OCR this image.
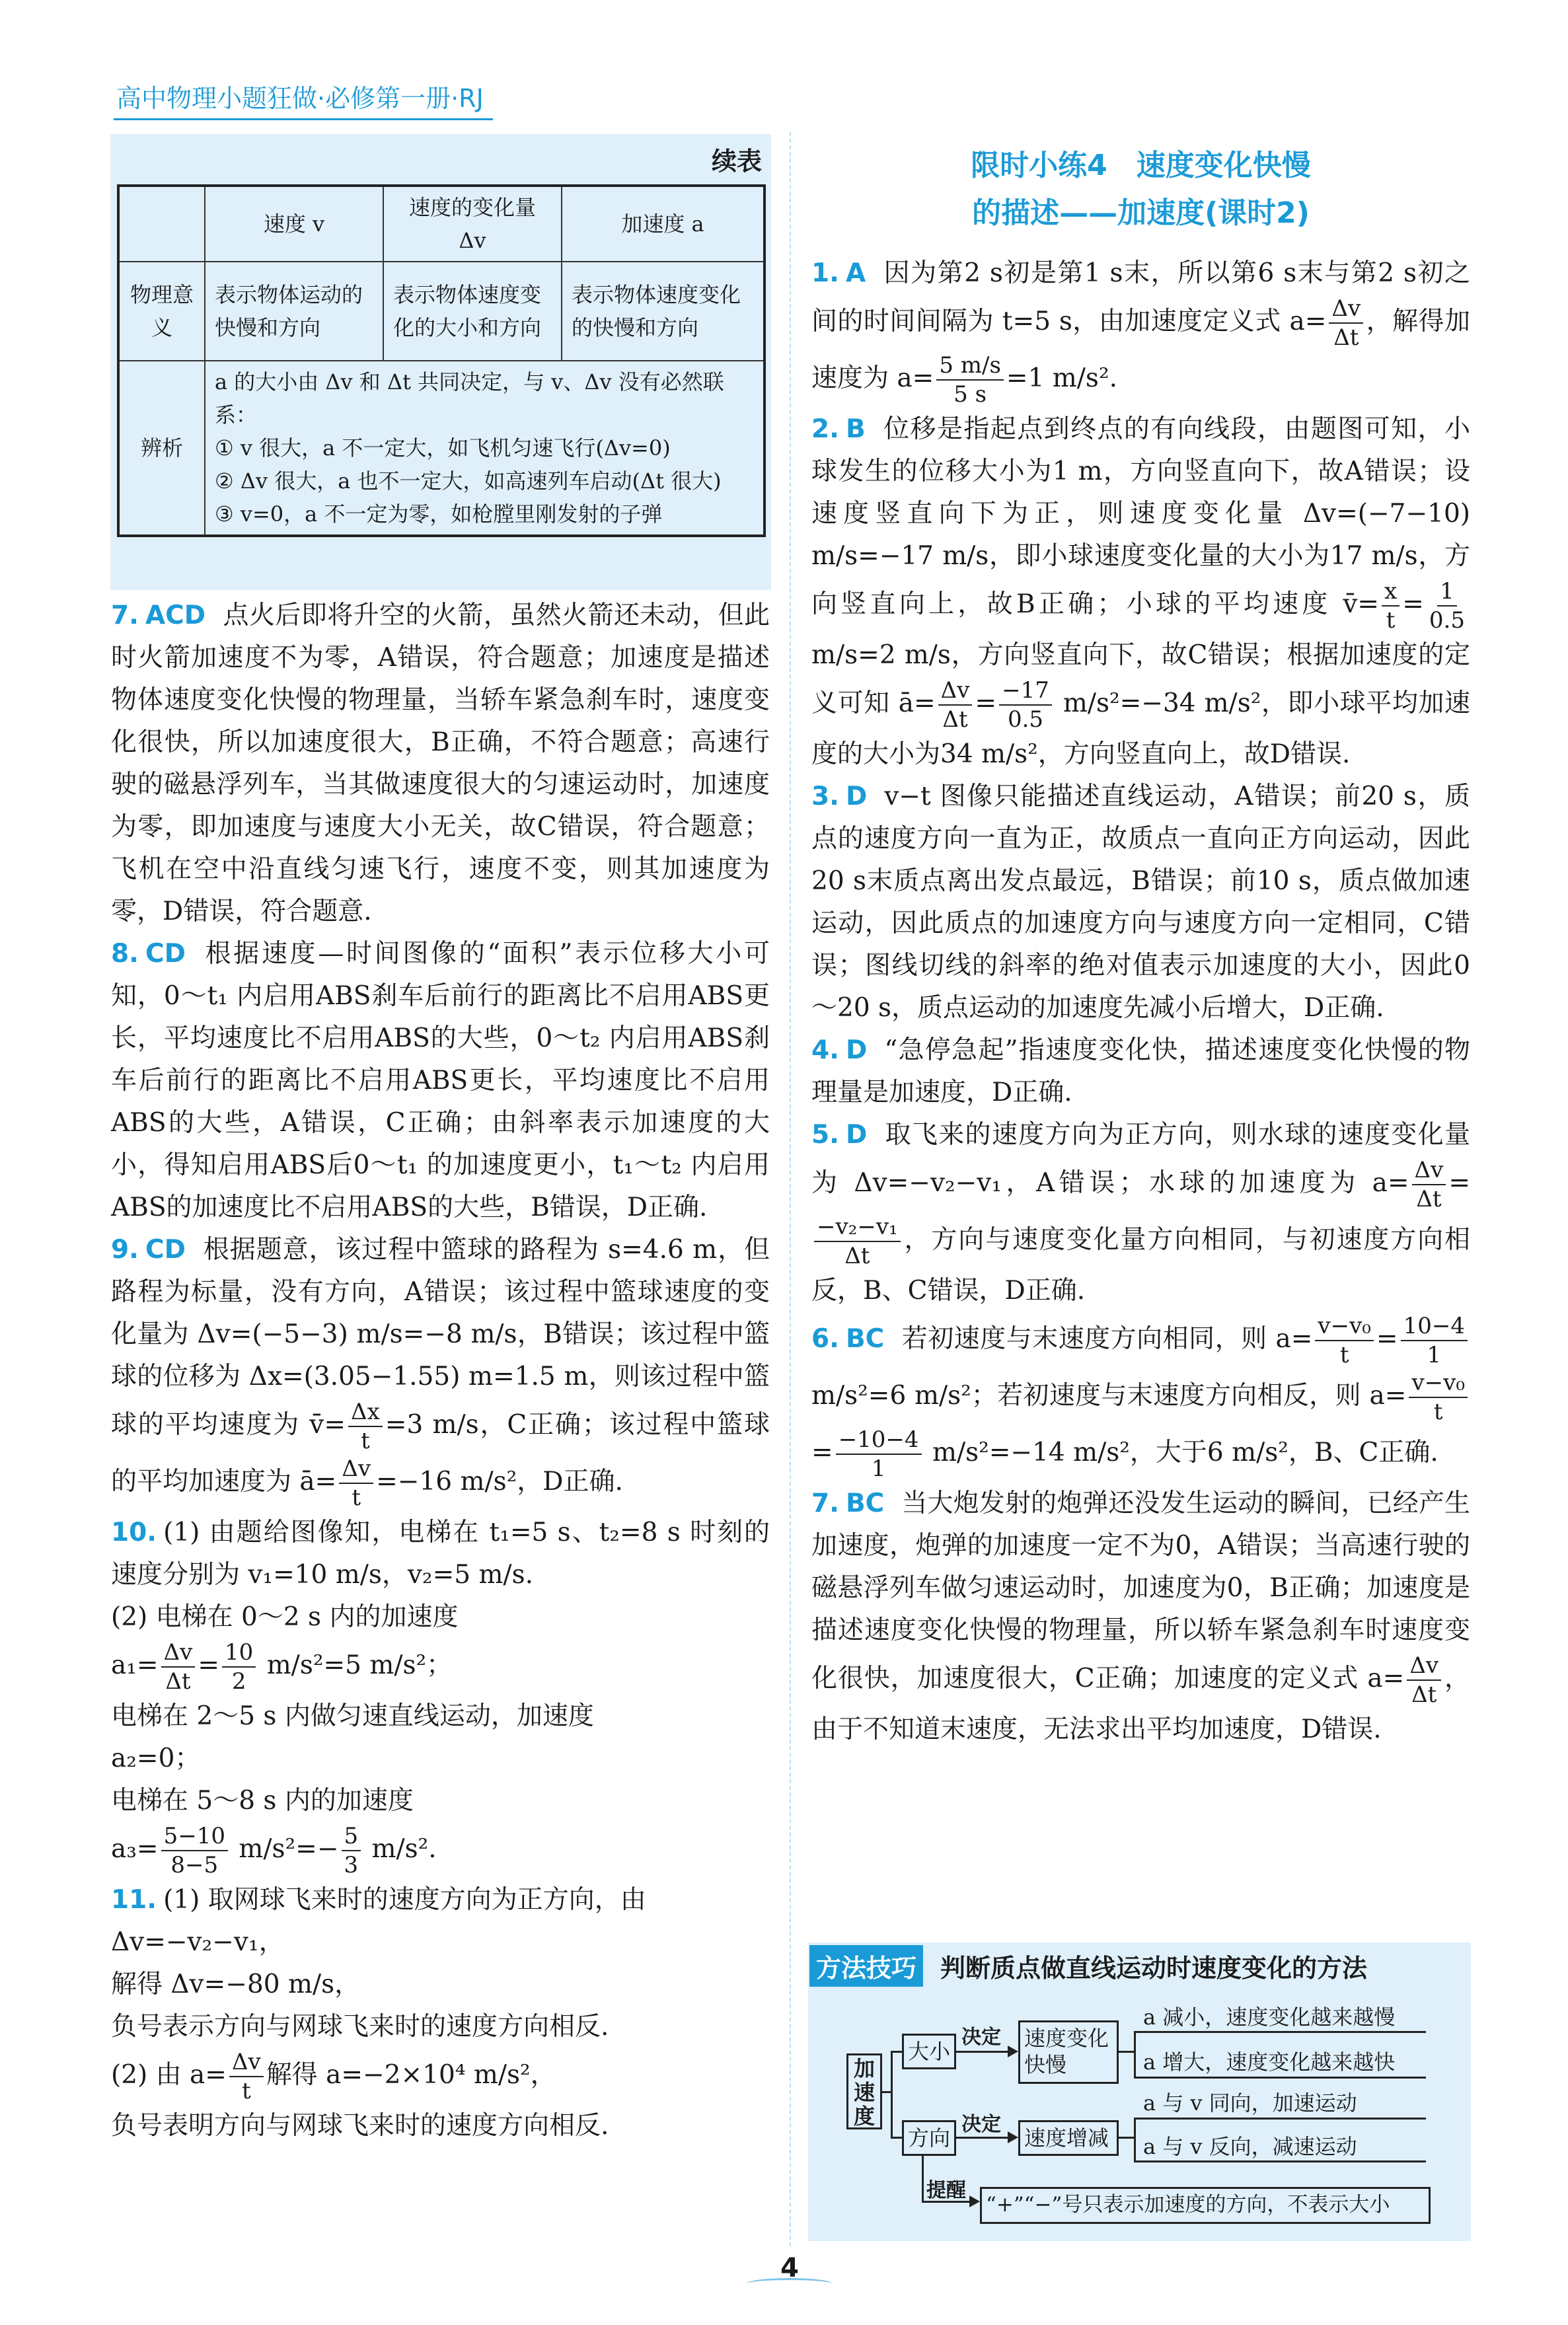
高中物理小题狂做·必修第一册·RJ
续表
	速度 v	速度的变化量 Δv	加速度 a
物理意义	表示物体运动的快慢和方向	表示物体速度变化的大小和方向	表示物体速度变化的快慢和方向
辨析	a 的大小由 Δv 和 Δt 共同决定，与 v、Δv 没有必然联系：
① v 很大，a 不一定大，如飞机匀速飞行(Δv=0)
② Δv 很大，a 也不一定大，如高速列车启动(Δt 很大)
③ v=0，a 不一定为零，如枪膛里刚发射的子弹		

7. ACD 点火后即将升空的火箭，虽然火箭还未动，但此时火箭加速度不为零，A错误，符合题意；加速度是描述物体速度变化快慢的物理量，当轿车紧急刹车时，速度变化很快，所以加速度很大，B正确，不符合题意；高速行驶的磁悬浮列车，当其做速度很大的匀速运动时，加速度为零，即加速度与速度大小无关，故C错误，符合题意；飞机在空中沿直线匀速飞行，速度不变，则其加速度为零，D错误，符合题意.

8. CD 根据速度—时间图像的“面积”表示位移大小可知，0～t₁ 内启用ABS刹车后前行的距离比不启用ABS更长，平均速度比不启用ABS的大些，0～t₂ 内启用ABS刹车后前行的距离比不启用ABS更长，平均速度比不启用ABS的大些，A错误，C正确；由斜率表示加速度的大小，得知启用ABS后0～t₁ 的加速度更小，t₁～t₂ 内启用ABS的加速度比不启用ABS的大些，B错误，D正确.

9. CD 根据题意，该过程中篮球的路程为 s=4.6 m，但路程为标量，没有方向，A错误；该过程中篮球速度的变化量为 Δv=(−5−3) m/s=−8 m/s，B错误；该过程中篮球的位移为 Δx=(3.05−1.55) m=1.5 m，则该过程中篮球的平均速度为 v̄= $\frac{\Delta x}{t} =3$ m/s，C正确；该过程中篮球的平均加速度为 ā= $\frac{\Delta v}{t} =-16$ m/s²，D正确.

10. (1) 由题给图像知，电梯在 t₁=5 s、t₂=8 s 时刻的速度分别为 v₁=10 m/s，v₂=5 m/s.

(2) 电梯在 0～2 s 内的加速度

$a_1= \frac{\Delta v}{\Delta t} = \frac{10}{2} m/s^2=5$ m/s²；

电梯在 2～5 s 内做匀速直线运动，加速度

a₂=0；

电梯在 5～8 s 内的加速度

$a_3= \frac{5-10}{8-5} m/s^2=- \frac{5}{3} m/s^2$.

11. (1) 取网球飞来时的速度方向为正方向，由

Δv=−v₂−v₁，

解得 Δv=−80 m/s，

负号表示方向与网球飞来时的速度方向相反.

(2) 由 $a= \frac{\Delta v}{t}$ 解得 a=−2×10⁴ m/s²，

负号表明方向与网球飞来时的速度方向相反.

限时小练4　速度变化快慢
的描述——加速度(课时2)

1. A 因为第2 s初是第1 s末，所以第6 s末与第2 s初之间的时间间隔为 t=5 s，由加速度定义式 $a= \frac{\Delta v}{\Delta t}$ ，解得加速度为 $a= \frac{5 m/s}{5 s} =1$ m/s².

2. B 位移是指起点到终点的有向线段，由题图可知，小球发生的位移大小为1 m，方向竖直向下，故A错误；设速度竖直向下为正，则速度变化量 Δv=(−7−10) m/s=−17 m/s，即小球速度变化量的大小为17 m/s，方向竖直向上，故B正确；小球的平均速度 v̄= $\frac{x}{t} = \frac{1}{0.5}$
m/s=2 m/s，方向竖直向下，故C错误；根据加速度的定义可知 ā= $\frac{\Delta v}{\Delta t} = \frac{-17}{0.5} m/s^2=-34$ m/s²，即小球平均加速度的大小为34 m/s²，方向竖直向上，故D错误.

3. D v−t 图像只能描述直线运动，A错误；前20 s，质点的速度方向一直为正，故质点一直向正方向运动，因此20 s末质点离出发点最远，B错误；前10 s，质点做加速运动，因此质点的加速度方向与速度方向一定相同，C错误；图线切线的斜率的绝对值表示加速度的大小，因此0～20 s，质点运动的加速度先减小后增大，D正确.

4. D “急停急起”指速度变化快，描述速度变化快慢的物理量是加速度，D正确.

5. D 取飞来的速度方向为正方向，则水球的速度变化量为 Δv=−v₂−v₁，A错误；水球的加速度为 $a= \frac{\Delta v}{\Delta t}$ =
$\frac{\text{−v₂−v₁}}{\Delta t}$ ，方向与速度变化量方向相同，与初速度方向相反，B、C错误，D正确.

6. BC 若初速度与末速度方向相同，则 $a= \frac{\text{v−v₀}}{t} = \frac{10-4}{1}$
m/s²=6 m/s²；若初速度与末速度方向相反，则 $a= \frac{\text{v−v₀}}{t}$
= $\frac{-10-4}{1} m/s^2=-14$ m/s²，大于6 m/s²，B、C正确.

7. BC 当大炮发射的炮弹还没发生运动的瞬间，已经产生加速度，炮弹的加速度一定不为0，A错误；当高速行驶的磁悬浮列车做匀速运动时，加速度为0，B正确；加速度是描述速度变化快慢的物理量，所以轿车紧急刹车时速度变化很快，加速度很大，C正确；加速度的定义式 $a= \frac{\Delta v}{\Delta t}$ ，由于不知道末速度，无法求出平均加速度，D错误.

方法技巧 判断质点做直线运动时速度变化的方法
加速度
大小
方向
决定
决定
速度变化快慢
速度增减
a 减小，速度变化越来越慢
a 增大，速度变化越来越快
a 与 v 同向，加速运动
a 与 v 反向，减速运动
提醒
“+”“−”号只表示加速度的方向，不表示大小
4
